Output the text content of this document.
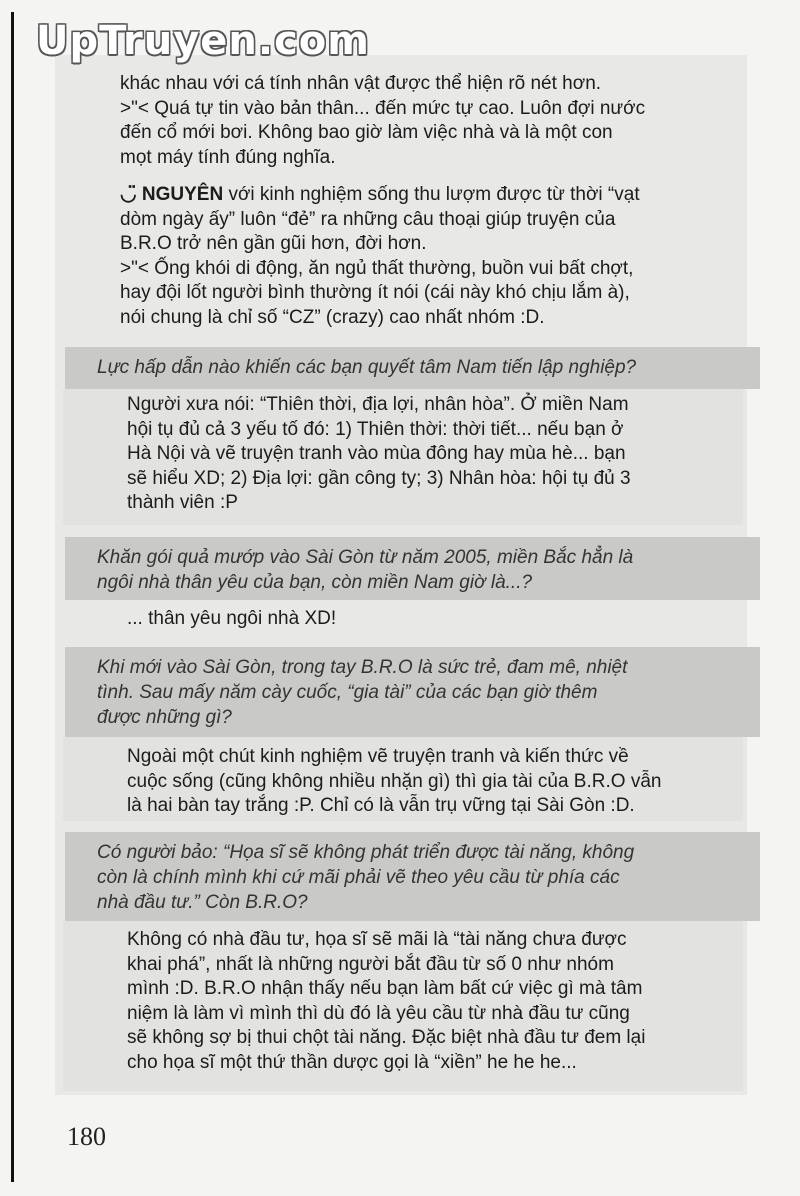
UpTruyen.com
khác nhau với cá tính nhân vật được thể hiện rõ nét hơn.
>"< Quá tự tin vào bản thân... đến mức tự cao. Luôn đợi nước
đến cổ mới bơi. Không bao giờ làm việc nhà và là một con
mọt máy tính đúng nghĩa.
◡̈ NGUYÊN với kinh nghiệm sống thu lượm được từ thời “vạt
dòm ngày ấy” luôn “đẻ” ra những câu thoại giúp truyện của
B.R.O trở nên gần gũi hơn, đời hơn.
>"< Ống khói di động, ăn ngủ thất thường, buồn vui bất chợt,
hay đội lốt người bình thường ít nói (cái này khó chịu lắm à),
nói chung là chỉ số “CZ” (crazy) cao nhất nhóm :D.
Lực hấp dẫn nào khiến các bạn quyết tâm Nam tiến lập nghiệp?
Người xưa nói: “Thiên thời, địa lợi, nhân hòa”. Ở miền Nam
hội tụ đủ cả 3 yếu tố đó: 1) Thiên thời: thời tiết... nếu bạn ở
Hà Nội và vẽ truyện tranh vào mùa đông hay mùa hè... bạn
sẽ hiểu XD; 2) Địa lợi: gần công ty; 3) Nhân hòa: hội tụ đủ 3
thành viên :P
Khăn gói quả mướp vào Sài Gòn từ năm 2005, miền Bắc hẳn là
ngôi nhà thân yêu của bạn, còn miền Nam giờ là...?
... thân yêu ngôi nhà XD!
Khi mới vào Sài Gòn, trong tay B.R.O là sức trẻ, đam mê, nhiệt
tình. Sau mấy năm cày cuốc, “gia tài” của các bạn giờ thêm
được những gì?
Ngoài một chút kinh nghiệm vẽ truyện tranh và kiến thức về
cuộc sống (cũng không nhiều nhặn gì) thì gia tài của B.R.O vẫn
là hai bàn tay trắng :P. Chỉ có là vẫn trụ vững tại Sài Gòn :D.
Có người bảo: “Họa sĩ sẽ không phát triển được tài năng, không
còn là chính mình khi cứ mãi phải vẽ theo yêu cầu từ phía các
nhà đầu tư.” Còn B.R.O?
Không có nhà đầu tư, họa sĩ sẽ mãi là “tài năng chưa được
khai phá”, nhất là những người bắt đầu từ số 0 như nhóm
mình :D. B.R.O nhận thấy nếu bạn làm bất cứ việc gì mà tâm
niệm là làm vì mình thì dù đó là yêu cầu từ nhà đầu tư cũng
sẽ không sợ bị thui chột tài năng. Đặc biệt nhà đầu tư đem lại
cho họa sĩ một thứ thần dược gọi là “xiền” he he he...
180
